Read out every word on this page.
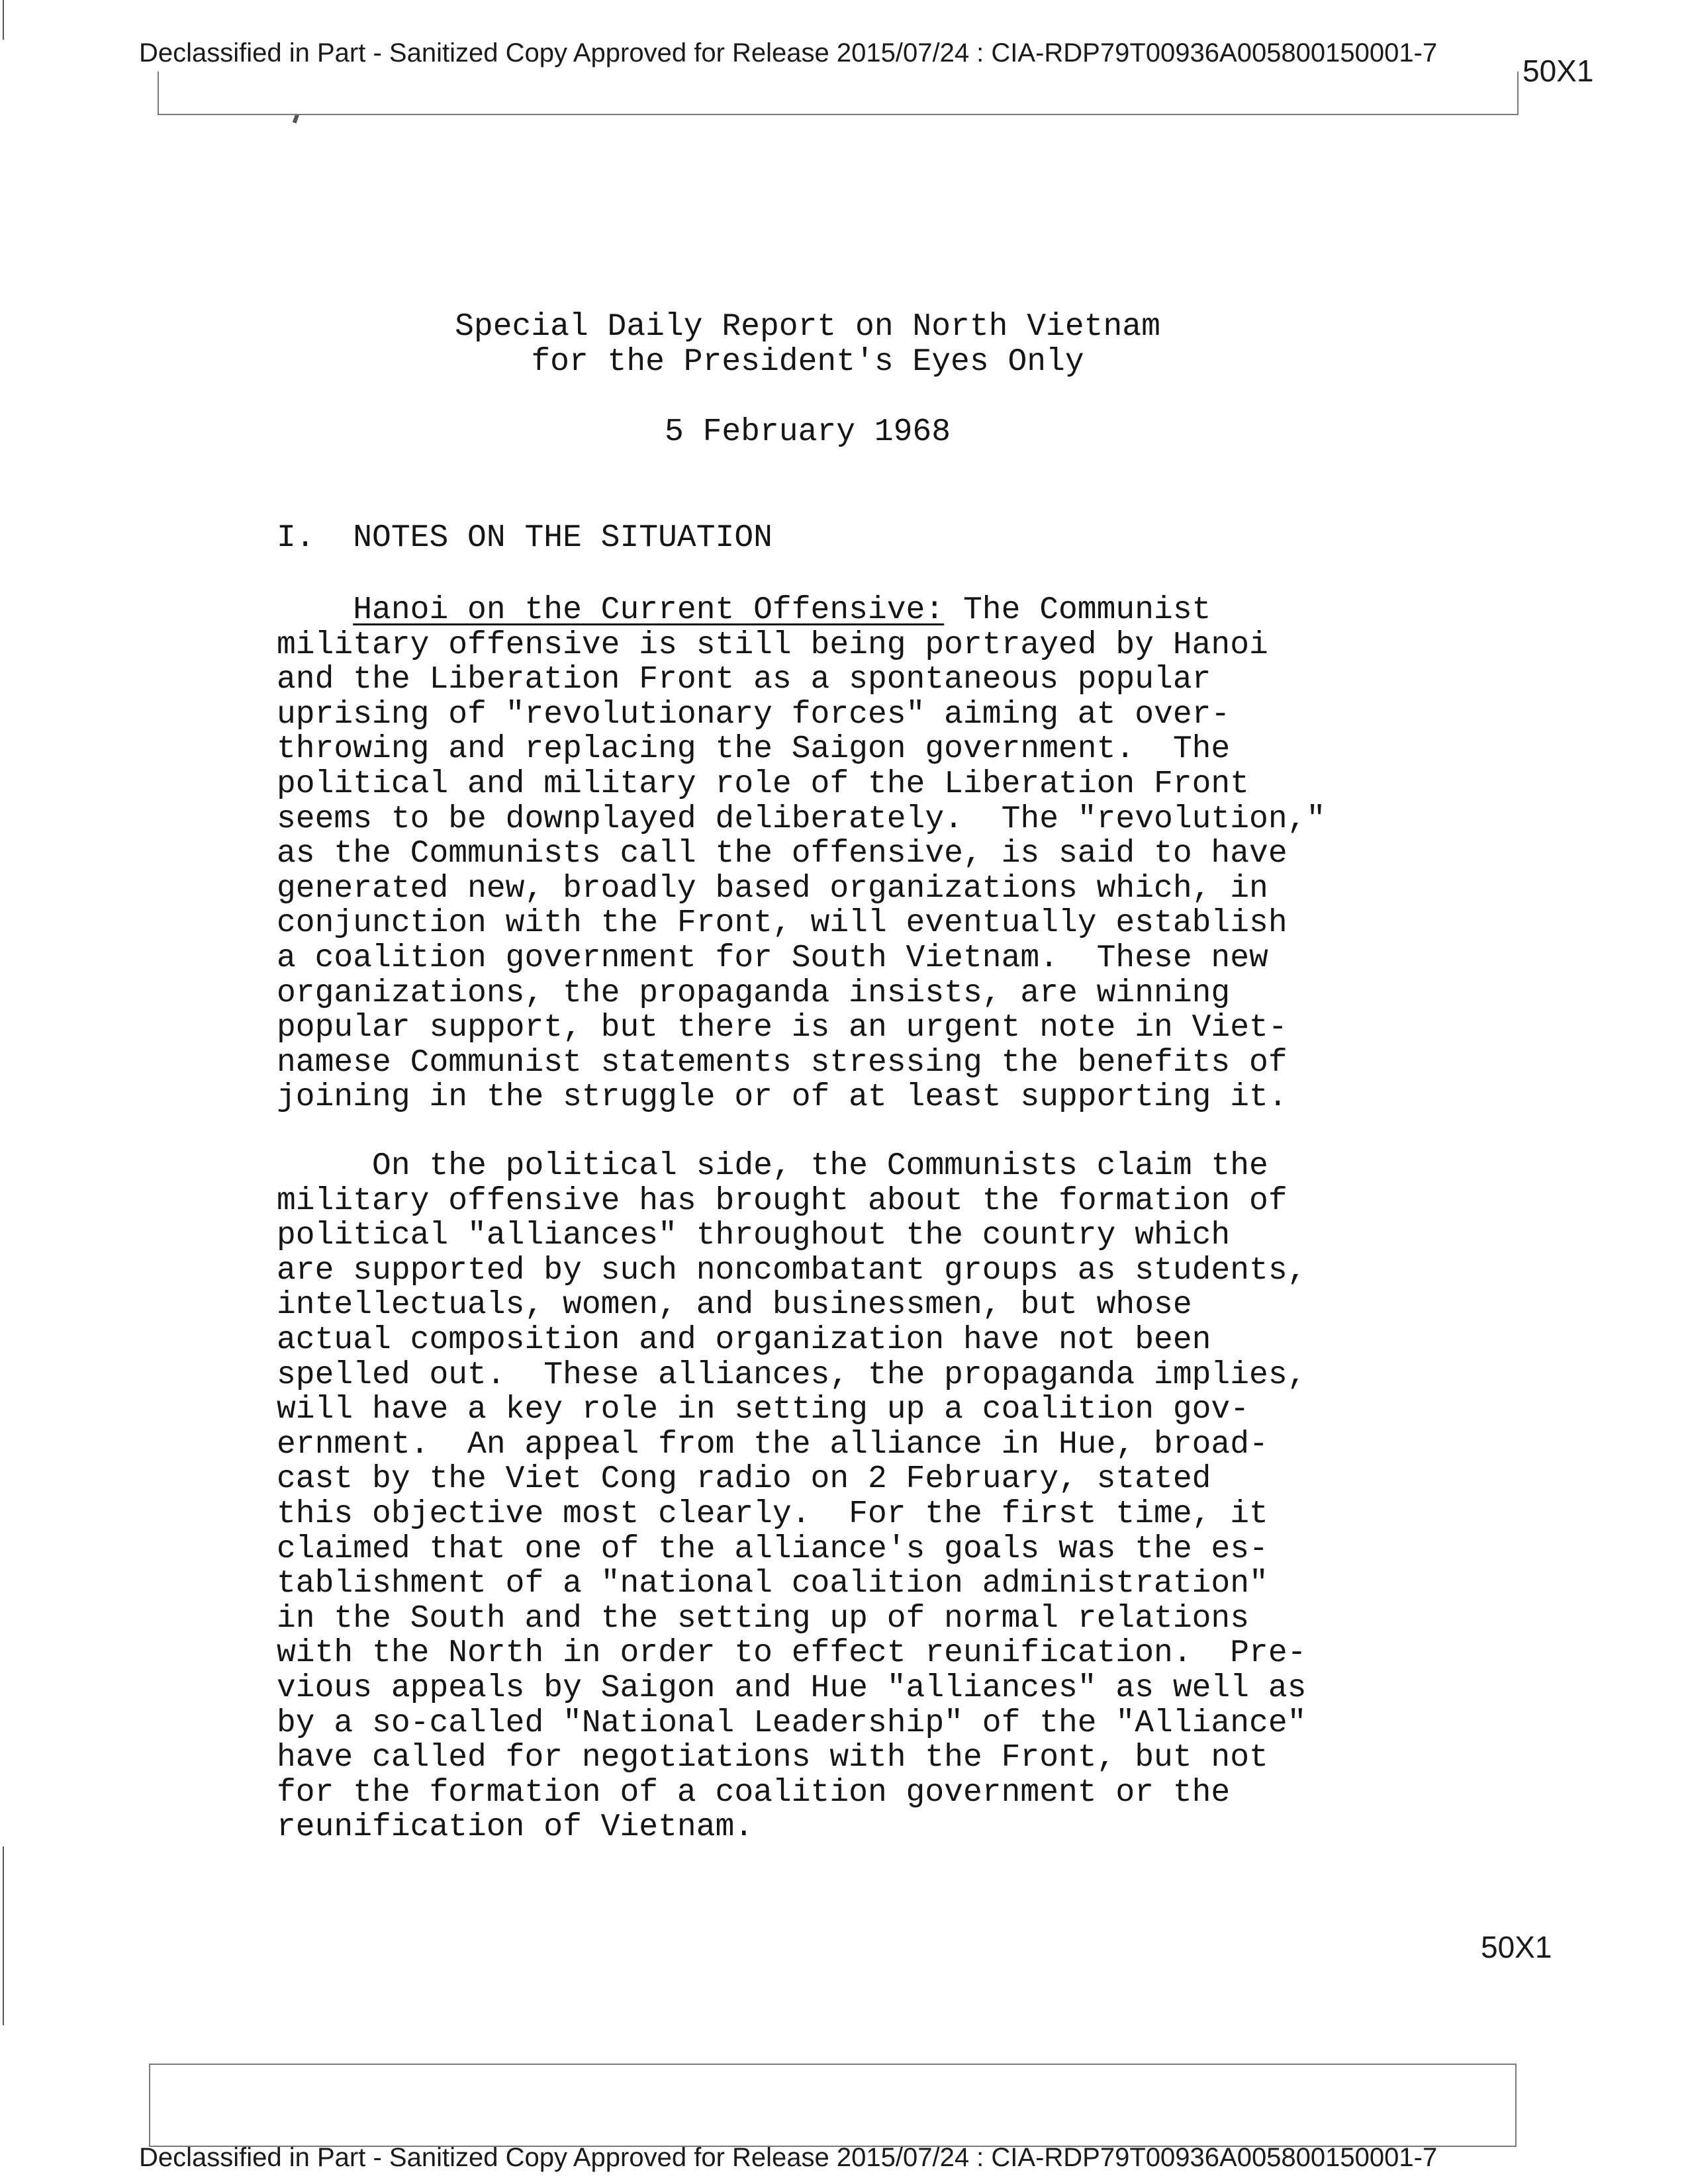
Declassified in Part - Sanitized Copy Approved for Release 2015/07/24 : CIA-RDP79T00936A005800150001-7
50X1
Special Daily Report on North Vietnam
for the President's Eyes Only
5 February 1968
I.  NOTES ON THE SITUATION
Hanoi on the Current Offensive: The Communist
military offensive is still being portrayed by Hanoi
and the Liberation Front as a spontaneous popular
uprising of "revolutionary forces" aiming at over-
throwing and replacing the Saigon government.  The
political and military role of the Liberation Front
seems to be downplayed deliberately.  The "revolution,"
as the Communists call the offensive, is said to have
generated new, broadly based organizations which, in
conjunction with the Front, will eventually establish
a coalition government for South Vietnam.  These new
organizations, the propaganda insists, are winning
popular support, but there is an urgent note in Viet-
namese Communist statements stressing the benefits of
joining in the struggle or of at least supporting it.
On the political side, the Communists claim the
military offensive has brought about the formation of
political "alliances" throughout the country which
are supported by such noncombatant groups as students,
intellectuals, women, and businessmen, but whose
actual composition and organization have not been
spelled out.  These alliances, the propaganda implies,
will have a key role in setting up a coalition gov-
ernment.  An appeal from the alliance in Hue, broad-
cast by the Viet Cong radio on 2 February, stated
this objective most clearly.  For the first time, it
claimed that one of the alliance's goals was the es-
tablishment of a "national coalition administration"
in the South and the setting up of normal relations
with the North in order to effect reunification.  Pre-
vious appeals by Saigon and Hue "alliances" as well as
by a so-called "National Leadership" of the "Alliance"
have called for negotiations with the Front, but not
for the formation of a coalition government or the
reunification of Vietnam.
50X1
Declassified in Part - Sanitized Copy Approved for Release 2015/07/24 : CIA-RDP79T00936A005800150001-7
